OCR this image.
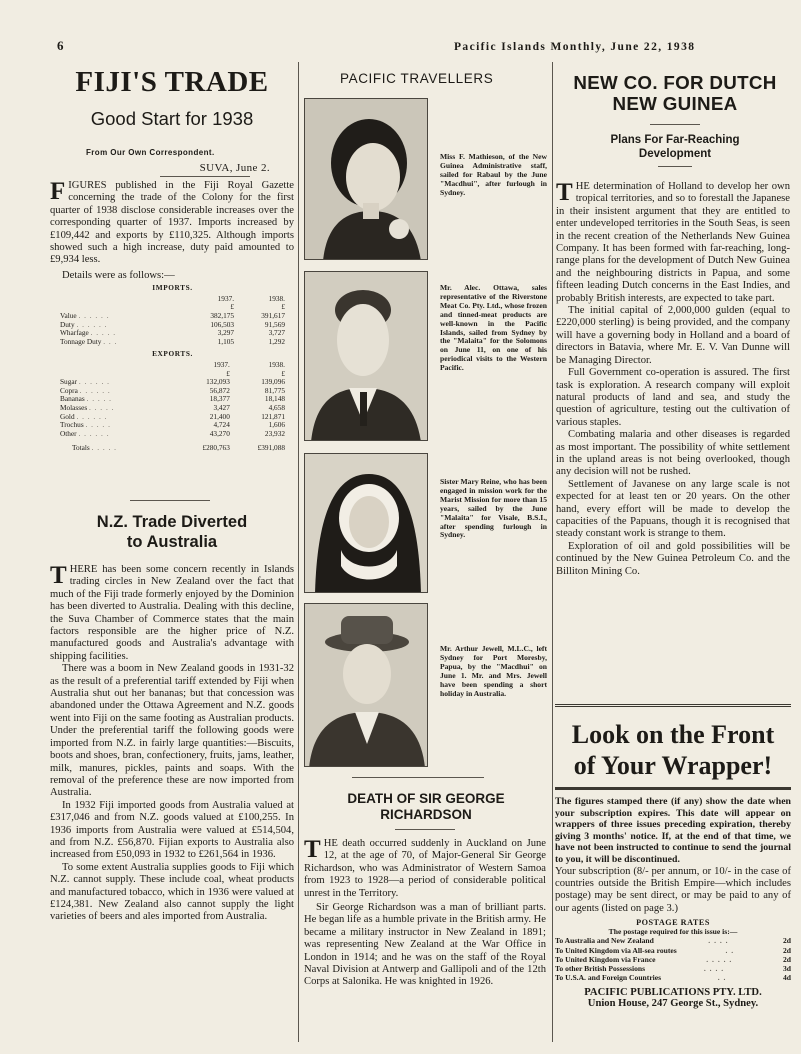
6	Pacific Islands Monthly, June 22, 1938
FIJI'S TRADE
Good Start for 1938
From Our Own Correspondent.
SUVA, June 2.

FIGURES published in the Fiji Royal Gazette concerning the trade of the Colony for the first quarter of 1938 disclose considerable increases over the corresponding quarter of 1937. Imports increased by £109,442 and exports by £110,325. Although imports showed such a high increase, duty paid amounted to £9,934 less.

Details were as follows:—
IMPORTS.		
	1937.	1938.
	£	£
Value . . . . . .	382,175	391,617
Duty . . . . . .	106,503	91,569
Wharfage . . . . .	3,297	3,727
Tonnage Duty . . .	1,105	1,292
EXPORTS.		
	1937.	1938.
	£	£
Sugar . . . . . .	132,093	139,096
Copra . . . . . .	56,872	81,775
Bananas . . . . .	18,377	18,148
Molasses . . . . .	3,427	4,658
Gold . . . . . .	21,400	121,871
Trochus . . . . .	4,724	1,606
Other . . . . . .	43,270	23,932

Totals . . . . .	£280,763	£391,088
N.Z. Trade Diverted
to Australia

THERE has been some concern recently in Islands trading circles in New Zealand over the fact that much of the Fiji trade formerly enjoyed by the Dominion has been diverted to Australia. Dealing with this decline, the Suva Chamber of Commerce states that the main factors responsible are the higher price of N.Z. manufactured goods and Australia's advantage with shipping facilities.

There was a boom in New Zealand goods in 1931-32 as the result of a preferential tariff extended by Fiji when Australia shut out her bananas; but that concession was abandoned under the Ottawa Agreement and N.Z. goods went into Fiji on the same footing as Australian products. Under the preferential tariff the following goods were imported from N.Z. in fairly large quantities:—Biscuits, boots and shoes, bran, confectionery, fruits, jams, leather, milk, manures, pickles, paints and soaps. With the removal of the preference these are now imported from Australia.

In 1932 Fiji imported goods from Australia valued at £317,046 and from N.Z. goods valued at £100,255. In 1936 imports from Australia were valued at £514,504, and from N.Z. £56,870. Fijian exports to Australia also increased from £50,093 in 1932 to £261,564 in 1936.

To some extent Australia supplies goods to Fiji which N.Z. cannot supply. These include coal, wheat products and manufactured tobacco, which in 1936 were valued at £124,381. New Zealand also cannot supply the light varieties of beers and ales imported from Australia.

PACIFIC TRAVELLERS
Miss F. Mathieson, of the New Guinea Administrative staff, sailed for Rabaul by the June "Macdhui", after furlough in Sydney.
Mr. Alec. Ottawa, sales representative of the Riverstone Meat Co. Pty. Ltd., whose frozen and tinned-meat products are well-known in the Pacific Islands, sailed from Sydney by the "Malaita" for the Solomons on June 11, on one of his periodical visits to the Western Pacific.
Sister Mary Reine, who has been engaged in mission work for the Marist Mission for more than 15 years, sailed by the June "Malaita" for Visale, B.S.I., after spending furlough in Sydney.
Mr. Arthur Jewell, M.L.C., left Sydney for Port Moresby, Papua, by the "Macdhui" on June 1. Mr. and Mrs. Jewell have been spending a short holiday in Australia.
DEATH OF SIR GEORGE
RICHARDSON

THE death occurred suddenly in Auckland on June 12, at the age of 70, of Major-General Sir George Richardson, who was Administrator of Western Samoa from 1923 to 1928—a period of considerable political unrest in the Territory.

Sir George Richardson was a man of brilliant parts. He began life as a humble private in the British army. He became a military instructor in New Zealand in 1891; was representing New Zealand at the War Office in London in 1914; and he was on the staff of the Royal Naval Division at Antwerp and Gallipoli and of the 12th Corps at Salonika. He was knighted in 1926.

NEW CO. FOR DUTCH
NEW GUINEA
Plans For Far-Reaching
Development

THE determination of Holland to develop her own tropical territories, and so to forestall the Japanese in their insistent argument that they are entitled to enter undeveloped territories in the South Seas, is seen in the recent creation of the Netherlands New Guinea Company. It has been formed with far-reaching, long-range plans for the development of Dutch New Guinea and the neighbouring districts in Papua, and some fifteen leading Dutch concerns in the East Indies, and probably British interests, are expected to take part.

The initial capital of 2,000,000 gulden (equal to £220,000 sterling) is being provided, and the company will have a governing body in Holland and a board of directors in Batavia, where Mr. E. V. Van Dunne will be Managing Director.

Full Government co-operation is assured. The first task is exploration. A research company will exploit natural products of land and sea, and study the question of agriculture, testing out the cultivation of various staples.

Combating malaria and other diseases is regarded as most important. The possibility of white settlement in the upland areas is not being overlooked, though any decision will not be rushed.

Settlement of Javanese on any large scale is not expected for at least ten or 20 years. On the other hand, every effort will be made to develop the capacities of the Papuans, though it is recognised that steady constant work is strange to them.

Exploration of oil and gold possibilities will be continued by the New Guinea Petroleum Co. and the Billiton Mining Co.

Look on the Front
of Your Wrapper!

The figures stamped there (if any) show the date when your subscription expires. This date will appear on wrappers of three issues preceding expiration, thereby giving 3 months' notice. If, at the end of that time, we have not been instructed to continue to send the journal to you, it will be discontinued.

Your subscription (8/- per annum, or 10/- in the case of countries outside the British Empire—which includes postage) may be sent direct, or may be paid to any of our agents (listed on page 3.)

POSTAGE RATES
The postage required for this issue is:—
To Australia and New Zealand	. . . .	2d
To United Kingdom via All-sea routes	. .	2d
To United Kingdom via France	. . . . .	2d
To other British Possessions	. . . .	3d
To U.S.A. and Foreign Countries	. .	4d
PACIFIC PUBLICATIONS PTY. LTD.
Union House, 247 George St., Sydney.
